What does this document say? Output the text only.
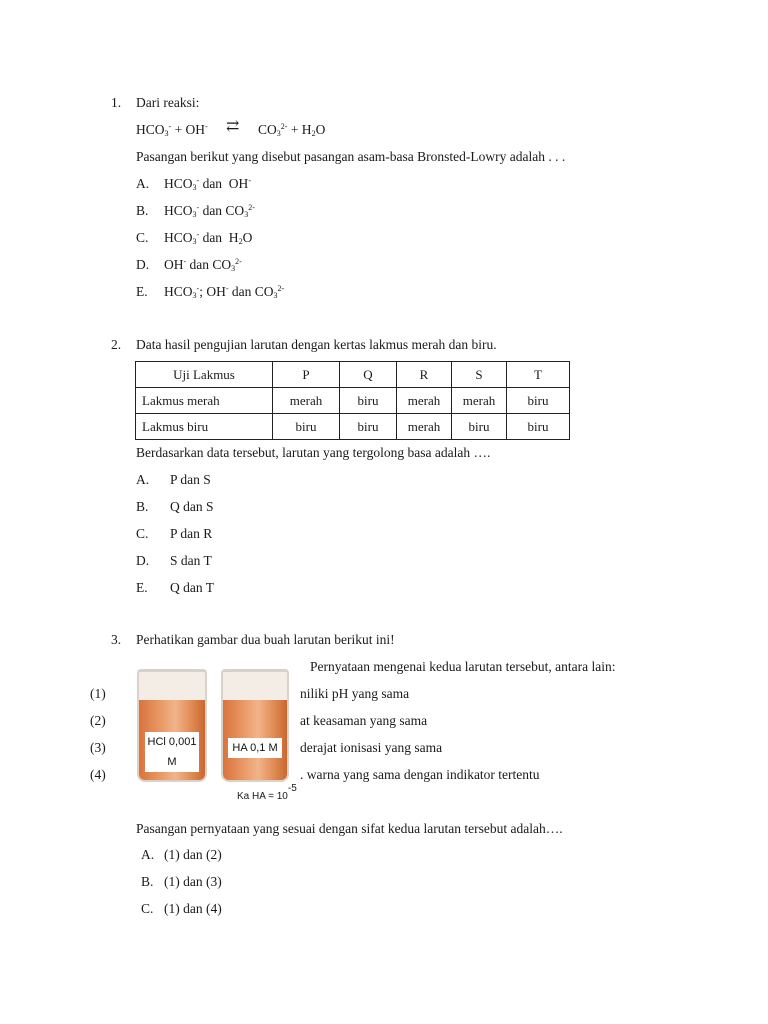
1. Dari reaksi:
$HCO_3^- + OH^-$ ⇄ $CO_3^{2-} + H_2O$
Pasangan berikut yang disebut pasangan asam-basa Bronsted-Lowry adalah . . .
A. $HCO_3^-$ dan  OH-
B. $HCO_3^-$ dan $CO_3^{2-}$
C. $HCO_3^-$ dan  $H_2O$
D. OH- dan $CO_3^{2-}$
E. $HCO_3^-$; OH- dan $CO_3^{2-}$
2. Data hasil pengujian larutan dengan kertas lakmus merah dan biru.
Uji Lakmus	P	Q	R	S	T
Lakmus merah	merah	biru	merah	merah	biru
Lakmus biru	biru	biru	merah	biru	biru
Berdasarkan data tersebut, larutan yang tergolong basa adalah ….
A. P dan S
B. Q dan S
C. P dan R
D. S dan T
E. Q dan T
3. Perhatikan gambar dua buah larutan berikut ini!
Pernyataan mengenai kedua larutan tersebut, antara lain:
HCl 0,001 M
HA 0,1 M
Ka HA = 10-5
(1)	niliki pH yang sama
(2)	at keasaman yang sama
(3)	derajat ionisasi yang sama
(4)	. warna yang sama dengan indikator tertentu
Pasangan pernyataan yang sesuai dengan sifat kedua larutan tersebut adalah….
A. (1) dan (2)
B. (1) dan (3)
C. (1) dan (4)
